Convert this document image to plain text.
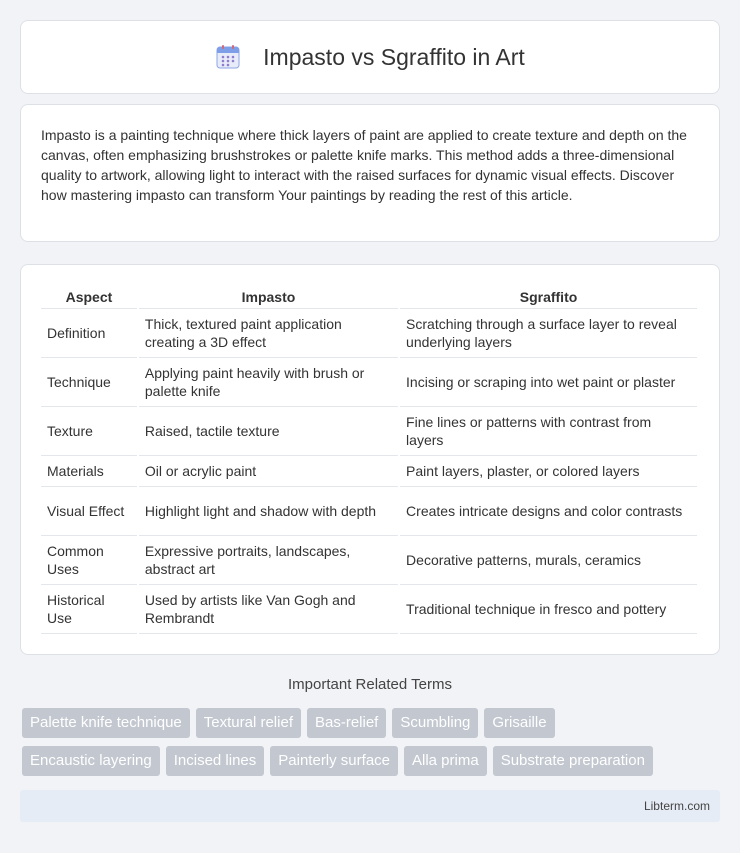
Impasto vs Sgraffito in Art

Impasto is a painting technique where thick layers of paint are applied to create texture and depth on the canvas, often emphasizing brushstrokes or palette knife marks. This method adds a three-dimensional quality to artwork, allowing light to interact with the raised surfaces for dynamic visual effects. Discover how mastering impasto can transform Your paintings by reading the rest of this article.

Aspect	Impasto	Sgraffito
Definition	Thick, textured paint application creating a 3D effect	Scratching through a surface layer to reveal underlying layers
Technique	Applying paint heavily with brush or palette knife	Incising or scraping into wet paint or plaster
Texture	Raised, tactile texture	Fine lines or patterns with contrast from layers
Materials	Oil or acrylic paint	Paint layers, plaster, or colored layers
Visual Effect	Highlight light and shadow with depth	Creates intricate designs and color contrasts
Common Uses	Expressive portraits, landscapes, abstract art	Decorative patterns, murals, ceramics
Historical Use	Used by artists like Van Gogh and Rembrandt	Traditional technique in fresco and pottery
Important Related Terms
Palette knife technique	Textural relief	Bas-relief	Scumbling	Grisaille
Encaustic layering	Incised lines	Painterly surface	Alla prima	Substrate preparation
Libterm.com
